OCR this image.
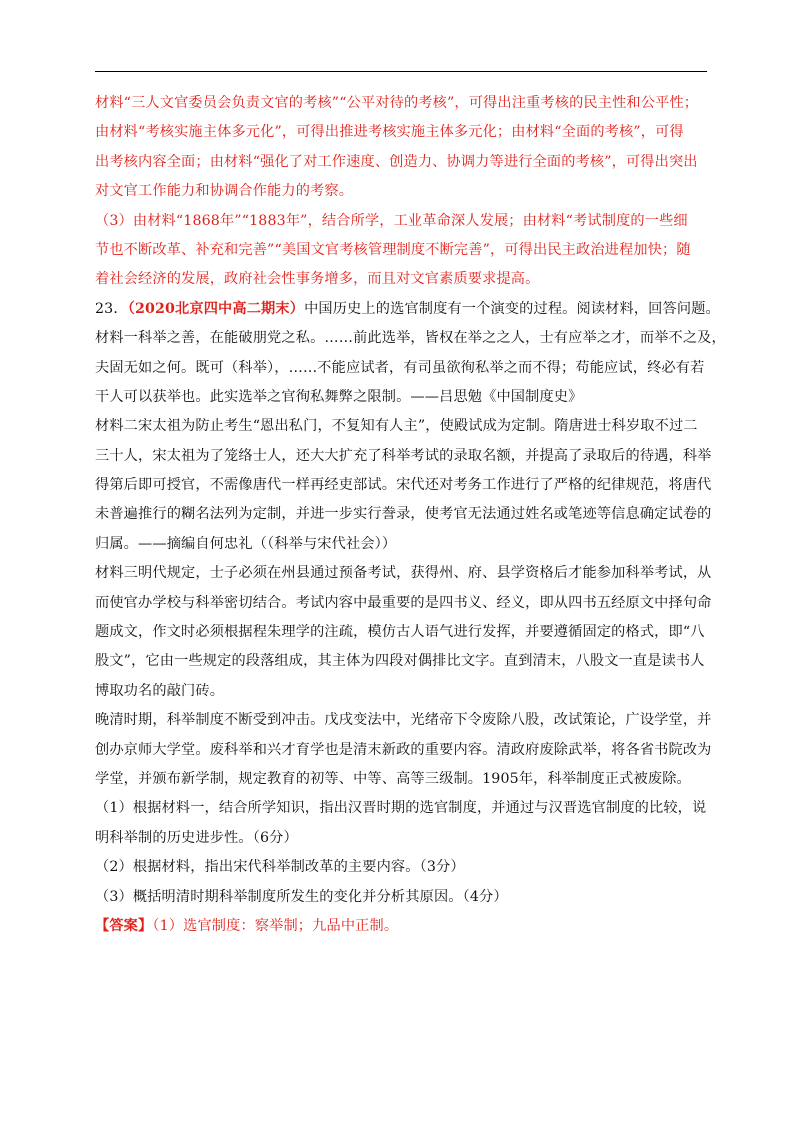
材料“三人文官委员会负责文官的考核”“公平对待的考核”，可得出注重考核的民主性和公平性；
由材料“考核实施主体多元化”，可得出推进考核实施主体多元化；由材料“全面的考核”，可得
出考核内容全面；由材料“强化了对工作速度、创造力、协调力等进行全面的考核”，可得出突出
对文官工作能力和协调合作能力的考察。
（3）由材料“1868年”“1883年”，结合所学，工业革命深人发展；由材料“考试制度的一些细
节也不断改革、补充和完善”“美国文官考核管理制度不断完善”，可得出民主政治进程加快；随
着社会经济的发展，政府社会性事务增多，而且对文官素质要求提高。
23．（2020北京四中高二期末）中国历史上的选官制度有一个演变的过程。阅读材料，回答问题。
材料一科举之善，在能破朋党之私。……前此选举，皆权在举之之人，士有应举之才，而举不之及，
夫固无如之何。既可（科举），……不能应试者，有司虽欲徇私举之而不得；苟能应试，终必有若
干人可以获举也。此实选举之官徇私舞弊之限制。——吕思勉《中国制度史》
材料二宋太祖为防止考生“恩出私门，不复知有人主”，使殿试成为定制。隋唐进士科岁取不过二
三十人，宋太祖为了笼络士人，还大大扩充了科举考试的录取名额，并提高了录取后的待遇，科举
得第后即可授官，不需像唐代一样再经吏部试。宋代还对考务工作进行了严格的纪律规范，将唐代
未普遍推行的糊名法列为定制，并进一步实行誊录，使考官无法通过姓名或笔迹等信息确定试卷的
归属。——摘编自何忠礼（（科举与宋代社会））
材料三明代规定，士子必须在州县通过预备考试，获得州、府、县学资格后才能参加科举考试，从
而使官办学校与科举密切结合。考试内容中最重要的是四书义、经义，即从四书五经原文中择句命
题成文，作文时必须根据程朱理学的注疏，模仿古人语气进行发挥，并要遵循固定的格式，即“八
股文”，它由一些规定的段落组成，其主体为四段对偶排比文字。直到清末，八股文一直是读书人
博取功名的敲门砖。
晚清时期，科举制度不断受到冲击。戊戌变法中，光绪帝下令废除八股，改试策论，广设学堂，并
创办京师大学堂。废科举和兴才育学也是清末新政的重要内容。清政府废除武举，将各省书院改为
学堂，并颁布新学制，规定教育的初等、中等、高等三级制。1905年，科举制度正式被废除。
（1）根据材料一，结合所学知识，指出汉晋时期的选官制度，并通过与汉晋选官制度的比较，说
明科举制的历史进步性。（6分）
（2）根据材料，指出宋代科举制改革的主要内容。（3分）
（3）概括明清时期科举制度所发生的变化并分析其原因。（4分）
【答案】（1）选官制度：察举制；九品中正制。
